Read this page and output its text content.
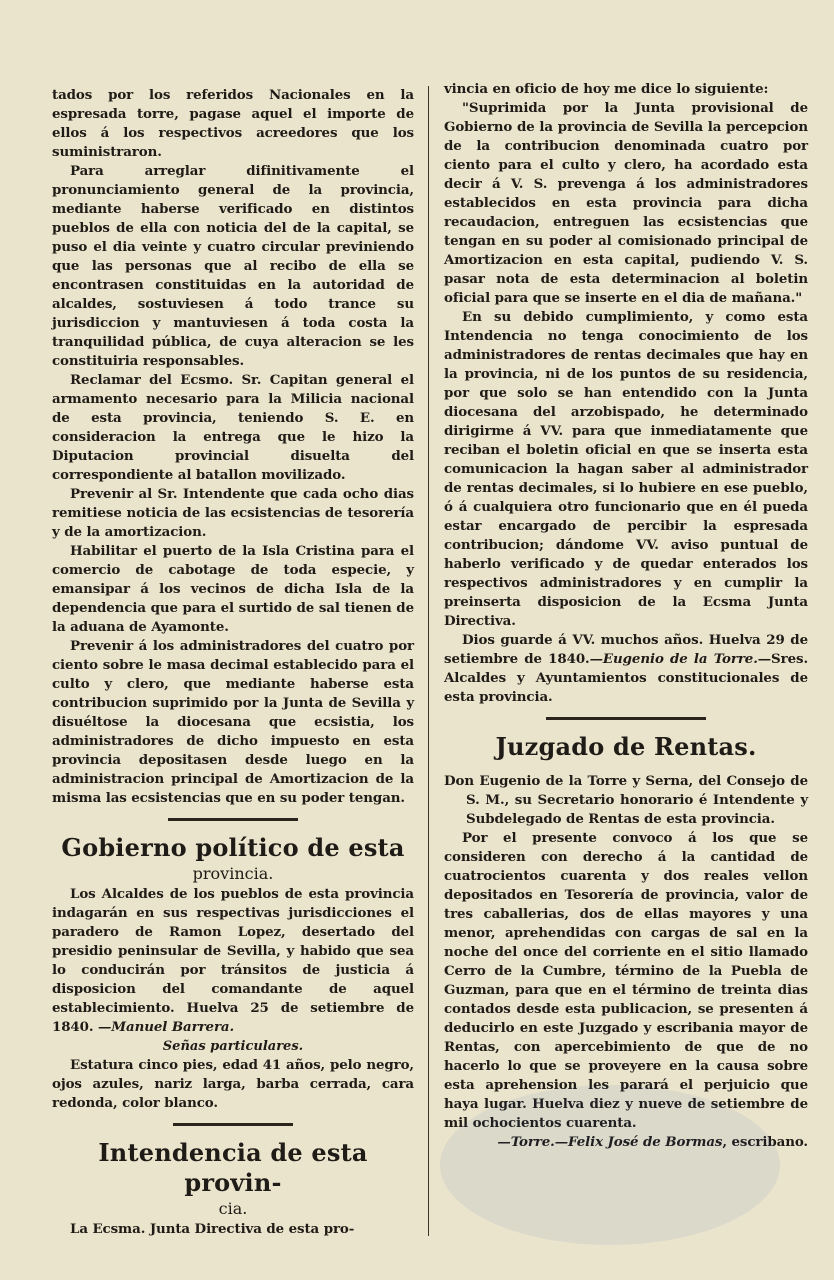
tados por los referidos Nacionales en la espresada torre, pagase aquel el importe de ellos á los respectivos acreedores que los suministraron.

Para arreglar difinitivamente el pronunciamiento general de la provincia, mediante haberse verificado en distintos pueblos de ella con noticia del de la capital, se puso el dia veinte y cuatro circular previniendo que las personas que al recibo de ella se encontrasen constituidas en la autoridad de alcaldes, sostuviesen á todo trance su jurisdiccion y mantuviesen á toda costa la tranquilidad pública, de cuya alteracion se les constituiria responsables.

Reclamar del Ecsmo. Sr. Capitan general el armamento necesario para la Milicia nacional de esta provincia, teniendo S. E. en consideracion la entrega que le hizo la Diputacion provincial disuelta del correspondiente al batallon movilizado.

Prevenir al Sr. Intendente que cada ocho dias remitiese noticia de las ecsistencias de tesorería y de la amortizacion.

Habilitar el puerto de la Isla Cristina para el comercio de cabotage de toda especie, y emansipar á los vecinos de dicha Isla de la dependencia que para el surtido de sal tienen de la aduana de Ayamonte.

Prevenir á los administradores del cuatro por ciento sobre le masa decimal establecido para el culto y clero, que mediante haberse esta contribucion suprimido por la Junta de Sevilla y disuéltose la diocesana que ecsistia, los administradores de dicho impuesto en esta provincia depositasen desde luego en la administracion principal de Amortizacion de la misma las ecsistencias que en su poder tengan.

Gobierno político de esta
provincia.

Los Alcaldes de los pueblos de esta provincia indagarán en sus respectivas jurisdicciones el paradero de Ramon Lopez, desertado del presidio peninsular de Sevilla, y habido que sea lo conducirán por tránsitos de justicia á disposicion del comandante de aquel establecimiento. Huelva 25 de setiembre de 1840. —Manuel Barrera.

Señas particulares.

Estatura cinco pies, edad 41 años, pelo negro, ojos azules, nariz larga, barba cerrada, cara redonda, color blanco.

Intendencia de esta provin-
cia.

La Ecsma. Junta Directiva de esta pro-

vincia en oficio de hoy me dice lo siguiente:

"Suprimida por la Junta provisional de Gobierno de la provincia de Sevilla la percepcion de la contribucion denominada cuatro por ciento para el culto y clero, ha acordado esta decir á V. S. prevenga á los administradores establecidos en esta provincia para dicha recaudacion, entreguen las ecsistencias que tengan en su poder al comisionado principal de Amortizacion en esta capital, pudiendo V. S. pasar nota de esta determinacion al boletin oficial para que se inserte en el dia de mañana."

En su debido cumplimiento, y como esta Intendencia no tenga conocimiento de los administradores de rentas decimales que hay en la provincia, ni de los puntos de su residencia, por que solo se han entendido con la Junta diocesana del arzobispado, he determinado dirigirme á VV. para que inmediatamente que reciban el boletin oficial en que se inserta esta comunicacion la hagan saber al administrador de rentas decimales, si lo hubiere en ese pueblo, ó á cualquiera otro funcionario que en él pueda estar encargado de percibir la espresada contribucion; dándome VV. aviso puntual de haberlo verificado y de quedar enterados los respectivos administradores y en cumplir la preinserta disposicion de la Ecsma Junta Directiva.

Dios guarde á VV. muchos años. Huelva 29 de setiembre de 1840.—Eugenio de la Torre.—Sres. Alcaldes y Ayuntamientos constitucionales de esta provincia.

Juzgado de Rentas.

Don Eugenio de la Torre y Serna, del Consejo de S. M., su Secretario honorario é Intendente y Subdelegado de Rentas de esta provincia.

Por el presente convoco á los que se consideren con derecho á la cantidad de cuatrocientos cuarenta y dos reales vellon depositados en Tesorería de provincia, valor de tres caballerias, dos de ellas mayores y una menor, aprehendidas con cargas de sal en la noche del once del corriente en el sitio llamado Cerro de la Cumbre, término de la Puebla de Guzman, para que en el término de treinta dias contados desde esta publicacion, se presenten á deducirlo en este Juzgado y escribania mayor de Rentas, con apercebimiento de que de no hacerlo lo que se proveyere en la causa sobre esta aprehension les parará el perjuicio que haya lugar. Huelva diez y nueve de setiembre de mil ochocientos cuarenta.

—Torre.—Felix José de Bormas, escribano.
